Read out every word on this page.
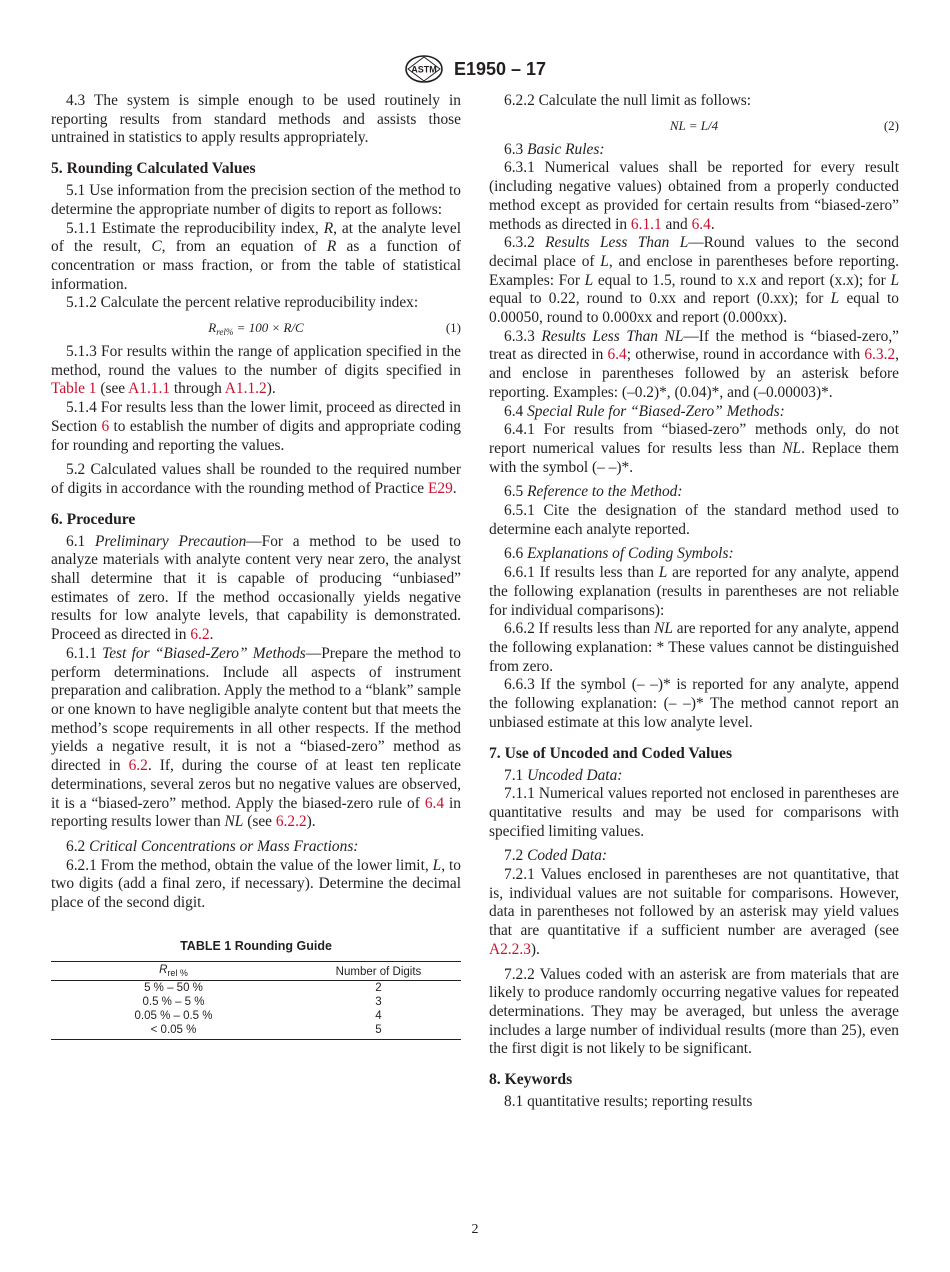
ASTM E1950 – 17

4.3 The system is simple enough to be used routinely in reporting results from standard methods and assists those untrained in statistics to apply results appropriately.

5. Rounding Calculated Values

5.1 Use information from the precision section of the method to determine the appropriate number of digits to report as follows:

5.1.1 Estimate the reproducibility index, R, at the analyte level of the result, C, from an equation of R as a function of concentration or mass fraction, or from the table of statistical information.

5.1.2 Calculate the percent relative reproducibility index:

$R_{rel\%} = 100 \times R/C$	(1)

5.1.3 For results within the range of application specified in the method, round the values to the number of digits specified in Table 1 (see A1.1.1 through A1.1.2).

5.1.4 For results less than the lower limit, proceed as directed in Section 6 to establish the number of digits and appropriate coding for rounding and reporting the values.

5.2 Calculated values shall be rounded to the required number of digits in accordance with the rounding method of Practice E29.

6. Procedure

6.1 Preliminary Precaution—For a method to be used to analyze materials with analyte content very near zero, the analyst shall determine that it is capable of producing “unbiased” estimates of zero. If the method occasionally yields negative results for low analyte levels, that capability is demonstrated. Proceed as directed in 6.2.

6.1.1 Test for “Biased-Zero” Methods—Prepare the method to perform determinations. Include all aspects of instrument preparation and calibration. Apply the method to a “blank” sample or one known to have negligible analyte content but that meets the method’s scope requirements in all other respects. If the method yields a negative result, it is not a “biased-zero” method as directed in 6.2. If, during the course of at least ten replicate determinations, several zeros but no negative values are observed, it is a “biased-zero” method. Apply the biased-zero rule of 6.4 in reporting results lower than NL (see 6.2.2).

6.2 Critical Concentrations or Mass Fractions:

6.2.1 From the method, obtain the value of the lower limit, L, to two digits (add a final zero, if necessary). Determine the decimal place of the second digit.

TABLE 1 Rounding Guide
$R_{rel \%}$	Number of Digits
5 % – 50 %	2
0.5 % – 5 %	3
0.05 % – 0.5 %	4
< 0.05 %	5

6.2.2 Calculate the null limit as follows:

NL = L/4	(2)

6.3 Basic Rules:

6.3.1 Numerical values shall be reported for every result (including negative values) obtained from a properly conducted method except as provided for certain results from “biased-zero” methods as directed in 6.1.1 and 6.4.

6.3.2 Results Less Than L—Round values to the second decimal place of L, and enclose in parentheses before reporting. Examples: For L equal to 1.5, round to x.x and report (x.x); for L equal to 0.22, round to 0.xx and report (0.xx); for L equal to 0.00050, round to 0.000xx and report (0.000xx).

6.3.3 Results Less Than NL—If the method is “biased-zero,” treat as directed in 6.4; otherwise, round in accordance with 6.3.2, and enclose in parentheses followed by an asterisk before reporting. Examples: (–0.2)*, (0.04)*, and (–0.00003)*.

6.4 Special Rule for “Biased-Zero” Methods:

6.4.1 For results from “biased-zero” methods only, do not report numerical values for results less than NL. Replace them with the symbol (– –)*.

6.5 Reference to the Method:

6.5.1 Cite the designation of the standard method used to determine each analyte reported.

6.6 Explanations of Coding Symbols:

6.6.1 If results less than L are reported for any analyte, append the following explanation (results in parentheses are not reliable for individual comparisons):

6.6.2 If results less than NL are reported for any analyte, append the following explanation: * These values cannot be distinguished from zero.

6.6.3 If the symbol (– –)* is reported for any analyte, append the following explanation: (– –)* The method cannot report an unbiased estimate at this low analyte level.

7. Use of Uncoded and Coded Values

7.1 Uncoded Data:

7.1.1 Numerical values reported not enclosed in parentheses are quantitative results and may be used for comparisons with specified limiting values.

7.2 Coded Data:

7.2.1 Values enclosed in parentheses are not quantitative, that is, individual values are not suitable for comparisons. However, data in parentheses not followed by an asterisk may yield values that are quantitative if a sufficient number are averaged (see A2.2.3).

7.2.2 Values coded with an asterisk are from materials that are likely to produce randomly occurring negative values for repeated determinations. They may be averaged, but unless the average includes a large number of individual results (more than 25), even the first digit is not likely to be significant.

8. Keywords

8.1 quantitative results; reporting results

2
